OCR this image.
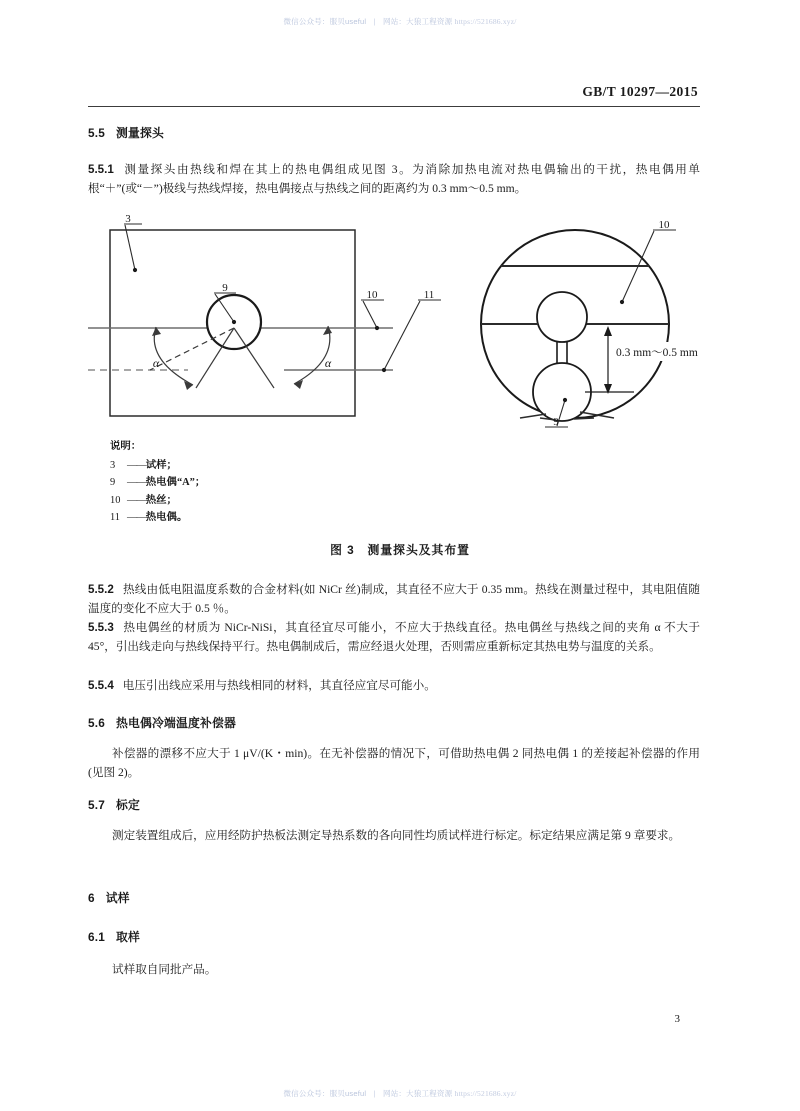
微信公众号：服贝useful | 网站：大狼工程资源 https://521686.xyz/
GB/T 10297—2015
5.5 测量探头
5.5.1 测量探头由热线和焊在其上的热电偶组成见图 3。为消除加热电流对热电偶输出的干扰，热电偶用单根“＋”(或“－”)极线与热线焊接，热电偶接点与热线之间的距离约为 0.3 mm～0.5 mm。
3
9
10	11
10
9
α	α
0.3 mm～0.5 mm
说明：
3 ——试样；
9 ——热电偶“A”；
10 ——热丝；
11 ——热电偶。
图 3 测量探头及其布置
5.5.2 热线由低电阻温度系数的合金材料(如 NiCr 丝)制成，其直径不应大于 0.35 mm。热线在测量过程中，其电阻值随温度的变化不应大于 0.5 ％。
5.5.3 热电偶丝的材质为 NiCr-NiSi，其直径宜尽可能小，不应大于热线直径。热电偶丝与热线之间的夹角 α 不大于 45°，引出线走向与热线保持平行。热电偶制成后，需应经退火处理，否则需应重新标定其热电势与温度的关系。
5.5.4 电压引出线应采用与热线相同的材料，其直径应宜尽可能小。
5.6 热电偶冷端温度补偿器
补偿器的漂移不应大于 1 μV/(K・min)。在无补偿器的情况下，可借助热电偶 2 同热电偶 1 的差接起补偿器的作用(见图 2)。
5.7 标定
测定装置组成后，应用经防护热板法测定导热系数的各向同性均质试样进行标定。标定结果应满足第 9 章要求。
6 试样
6.1 取样
试样取自同批产品。
3
微信公众号：服贝useful | 网站：大狼工程资源 https://521686.xyz/
